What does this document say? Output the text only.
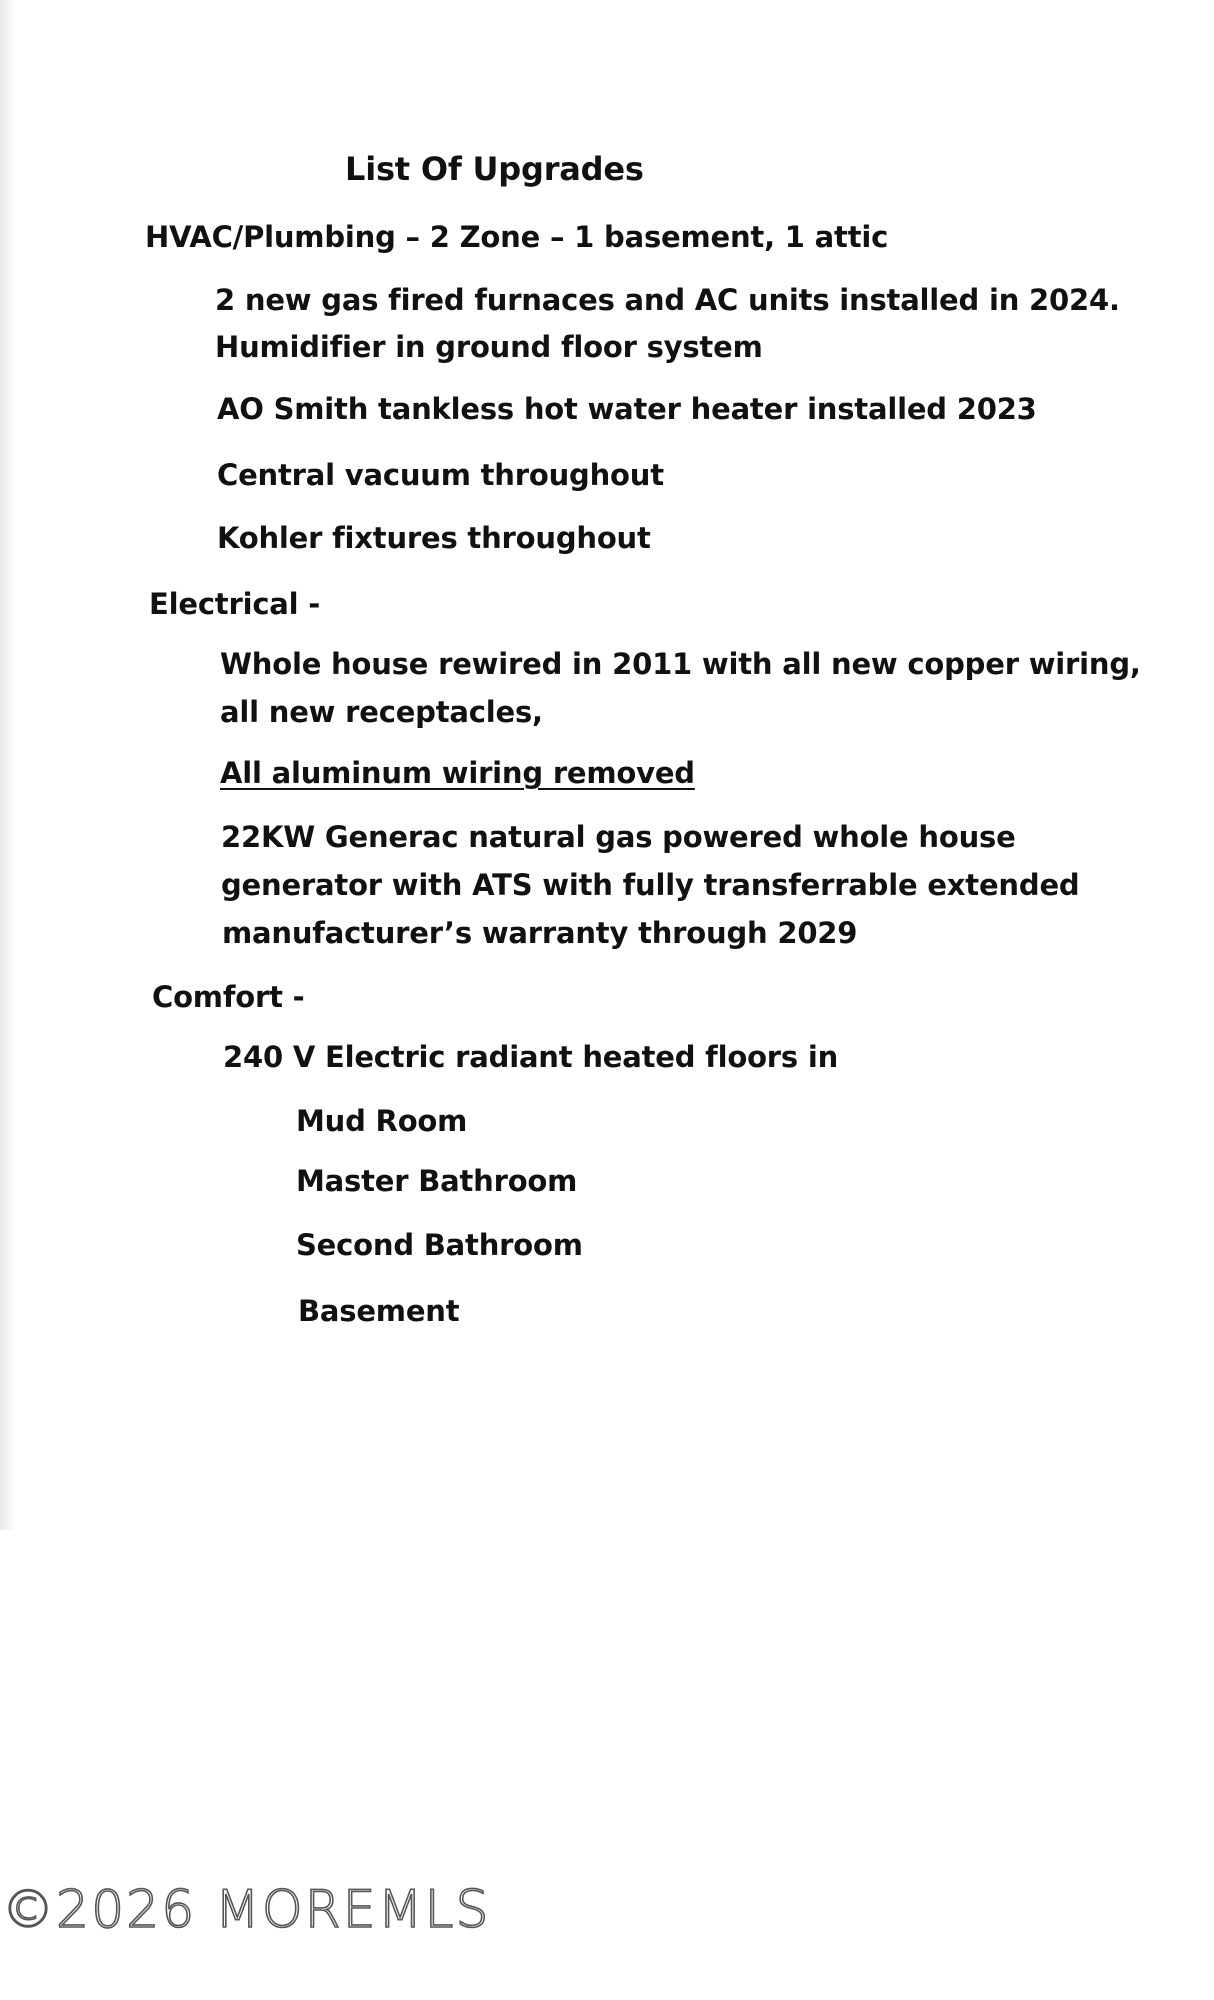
List Of Upgrades
HVAC/Plumbing – 2 Zone – 1 basement, 1 attic
2 new gas fired furnaces and AC units installed in 2024.
Humidifier in ground floor system
AO Smith tankless hot water heater installed 2023
Central vacuum throughout
Kohler fixtures throughout
Electrical -
Whole house rewired in 2011 with all new copper wiring,
all new receptacles,
All aluminum wiring removed
22KW Generac natural gas powered whole house
generator with ATS with fully transferrable extended
manufacturer’s warranty through 2029
Comfort -
240 V Electric radiant heated floors in
Mud Room
Master Bathroom
Second Bathroom
Basement
©2026 MOREMLS
